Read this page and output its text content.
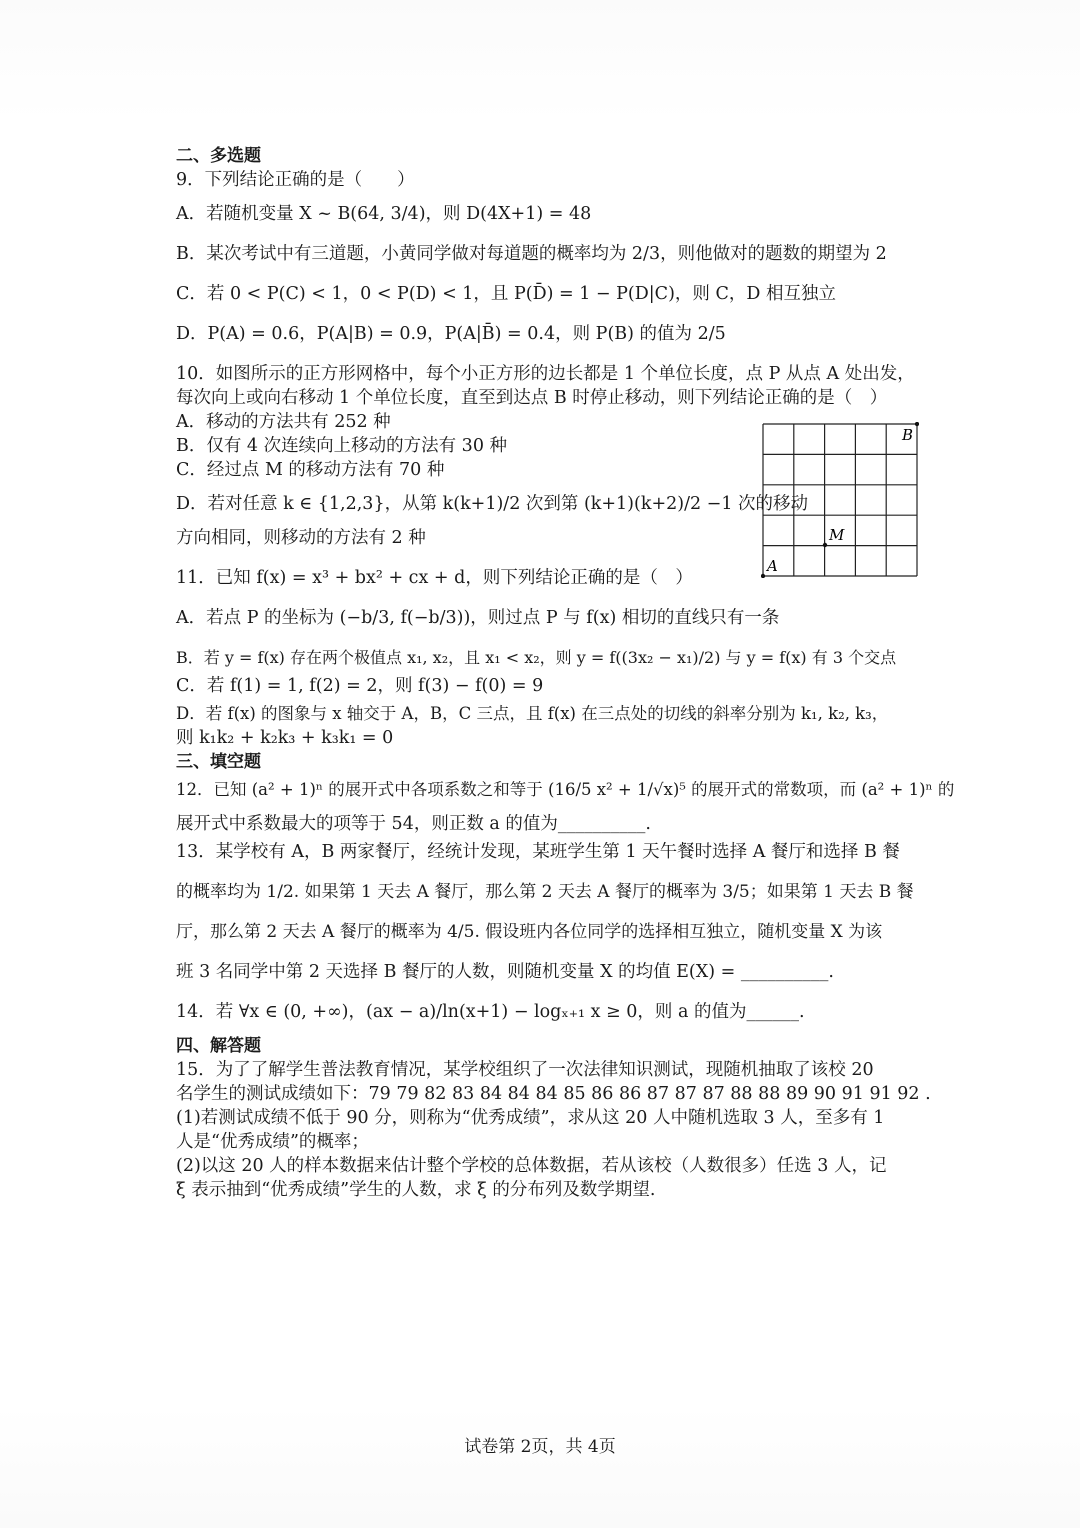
二、多选题
9．下列结论正确的是（　　）
A．若随机变量 X ~ B(64, 3/4)，则 D(4X+1) = 48
B．某次考试中有三道题，小黄同学做对每道题的概率均为 2/3，则他做对的题数的期望为 2
C．若 0 < P(C) < 1，0 < P(D) < 1，且 P(D̄) = 1 − P(D|C)，则 C，D 相互独立
D．P(A) = 0.6，P(A|B) = 0.9，P(A|B̄) = 0.4，则 P(B) 的值为 2/5
10．如图所示的正方形网格中，每个小正方形的边长都是 1 个单位长度，点 P 从点 A 处出发，
每次向上或向右移动 1 个单位长度，直至到达点 B 时停止移动，则下列结论正确的是（　）
A．移动的方法共有 252 种
B．仅有 4 次连续向上移动的方法有 30 种
C．经过点 M 的移动方法有 70 种
D．若对任意 k ∈ {1,2,3}，从第 k(k+1)/2 次到第 (k+1)(k+2)/2 −1 次的移动
方向相同，则移动的方法有 2 种
11．已知 f(x) = x³ + bx² + cx + d，则下列结论正确的是（　）
A．若点 P 的坐标为 (−b/3, f(−b/3))，则过点 P 与 f(x) 相切的直线只有一条
B．若 y = f(x) 存在两个极值点 x₁, x₂，且 x₁ < x₂，则 y = f((3x₂ − x₁)/2) 与 y = f(x) 有 3 个交点
C．若 f(1) = 1, f(2) = 2，则 f(3) − f(0) = 9
D．若 f(x) 的图象与 x 轴交于 A，B，C 三点，且 f(x) 在三点处的切线的斜率分别为 k₁, k₂, k₃，
则 k₁k₂ + k₂k₃ + k₃k₁ = 0
三、填空题
12．已知 (a² + 1)ⁿ 的展开式中各项系数之和等于 (16/5 x² + 1/√x)⁵ 的展开式的常数项，而 (a² + 1)ⁿ 的
展开式中系数最大的项等于 54，则正数 a 的值为__________.
13．某学校有 A，B 两家餐厅，经统计发现，某班学生第 1 天午餐时选择 A 餐厅和选择 B 餐
的概率均为 1/2. 如果第 1 天去 A 餐厅，那么第 2 天去 A 餐厅的概率为 3/5；如果第 1 天去 B 餐
厅，那么第 2 天去 A 餐厅的概率为 4/5. 假设班内各位同学的选择相互独立，随机变量 X 为该
班 3 名同学中第 2 天选择 B 餐厅的人数，则随机变量 X 的均值 E(X) = __________.
14．若 ∀x ∈ (0, +∞)，(ax − a)/ln(x+1) − logₓ₊₁ x ≥ 0，则 a 的值为______.
四、解答题
15．为了了解学生普法教育情况，某学校组织了一次法律知识测试，现随机抽取了该校 20
名学生的测试成绩如下：79 79 82 83 84 84 84 85 86 86 87 87 87 88 88 89 90 91 91 92 .
(1)若测试成绩不低于 90 分，则称为“优秀成绩”，求从这 20 人中随机选取 3 人，至多有 1
人是“优秀成绩”的概率；
(2)以这 20 人的样本数据来估计整个学校的总体数据，若从该校（人数很多）任选 3 人，记
ξ 表示抽到“优秀成绩”学生的人数，求 ξ 的分布列及数学期望.
A
B
M
试卷第 2页，共 4页
